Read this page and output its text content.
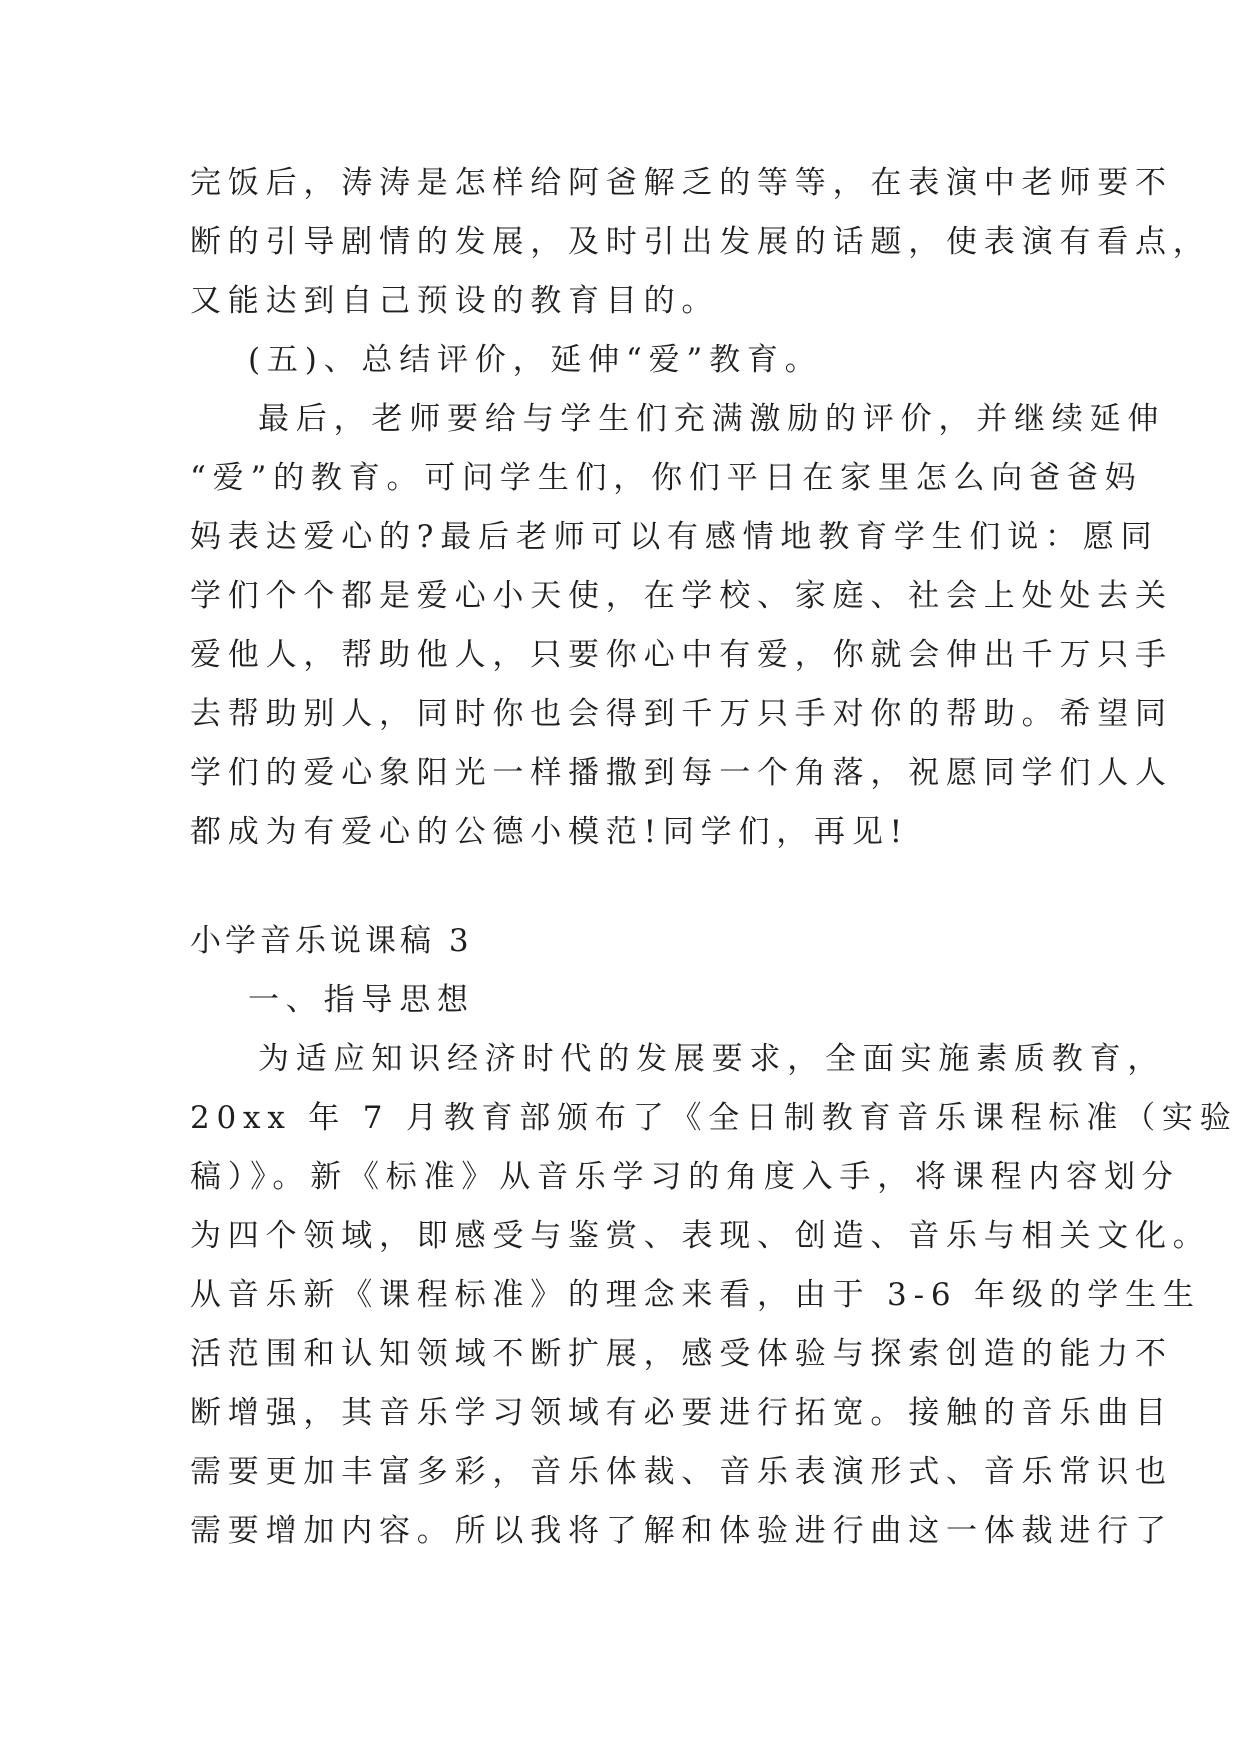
完饭后，涛涛是怎样给阿爸解乏的等等，在表演中老师要不
断的引导剧情的发展，及时引出发展的话题，使表演有看点，
又能达到自己预设的教育目的。
(五)、总结评价，延伸“爱”教育。
最后，老师要给与学生们充满激励的评价，并继续延伸
“爱”的教育。可问学生们，你们平日在家里怎么向爸爸妈
妈表达爱心的?最后老师可以有感情地教育学生们说：愿同
学们个个都是爱心小天使，在学校、家庭、社会上处处去关
爱他人，帮助他人，只要你心中有爱，你就会伸出千万只手
去帮助别人，同时你也会得到千万只手对你的帮助。希望同
学们的爱心象阳光一样播撒到每一个角落，祝愿同学们人人
都成为有爱心的公德小模范!同学们，再见!
小学音乐说课稿 3
一、指导思想
为适应知识经济时代的发展要求，全面实施素质教育，
20xx 年 7 月教育部颁布了《全日制教育音乐课程标准（实验
稿）》。新《标准》从音乐学习的角度入手，将课程内容划分
为四个领域，即感受与鉴赏、表现、创造、音乐与相关文化。
从音乐新《课程标准》的理念来看，由于 3-6 年级的学生生
活范围和认知领域不断扩展，感受体验与探索创造的能力不
断增强，其音乐学习领域有必要进行拓宽。接触的音乐曲目
需要更加丰富多彩，音乐体裁、音乐表演形式、音乐常识也
需要增加内容。所以我将了解和体验进行曲这一体裁进行了
